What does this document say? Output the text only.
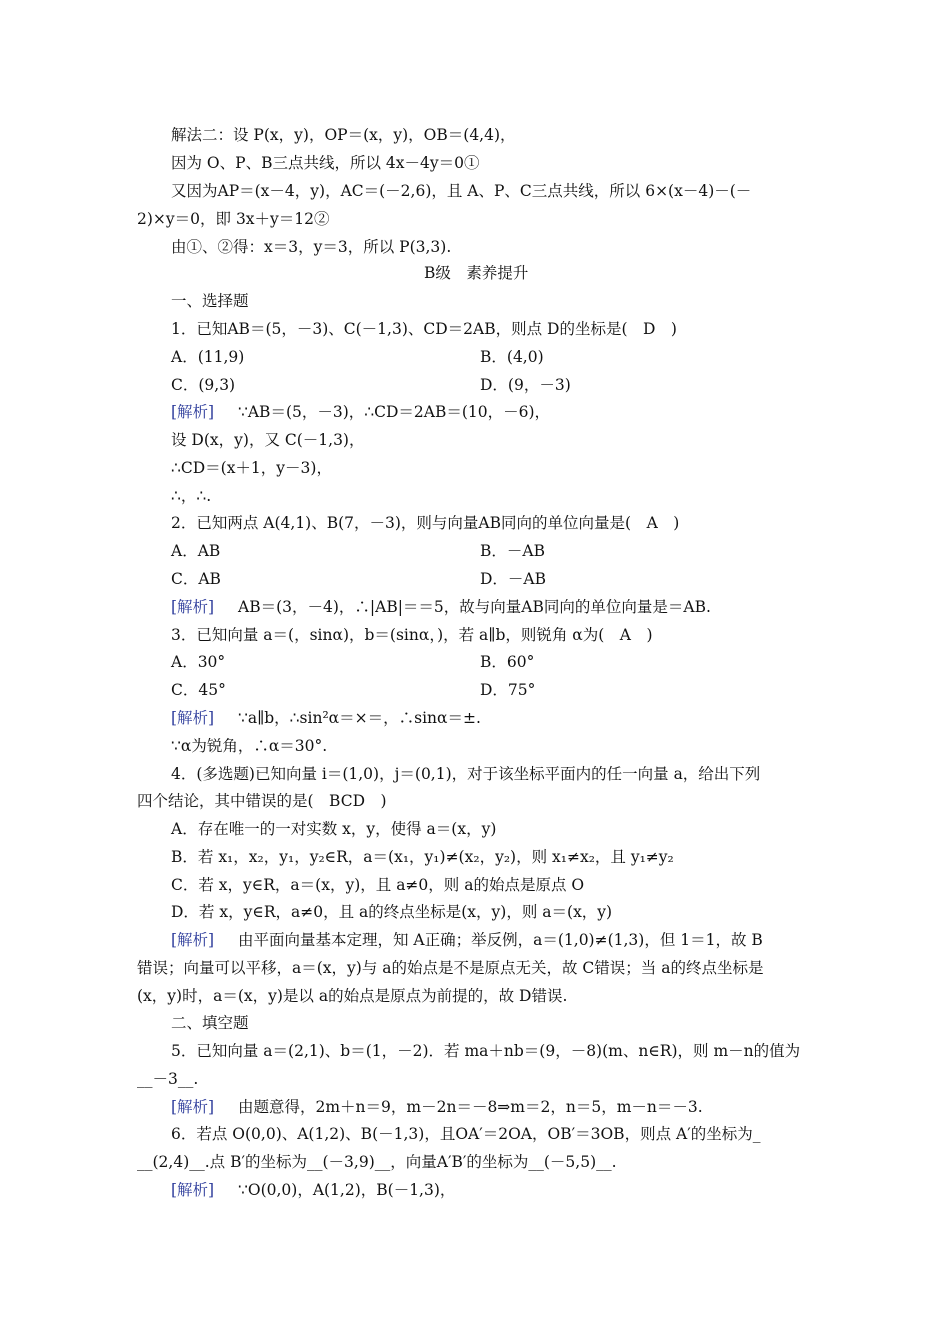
解法二：设 P(x，y)，OP＝(x，y)，OB＝(4,4)，
因为 O、P、B三点共线，所以 4x－4y＝0①
又因为AP＝(x－4，y)，AC＝(－2,6)，且 A、P、C三点共线，所以 6×(x－4)－(－
2)×y＝0，即 3x＋y＝12②
由①、②得：x＝3，y＝3，所以 P(3,3).
B级　素养提升
一、选择题
1．已知AB＝(5，－3)、C(－1,3)、CD＝2AB，则点 D的坐标是(　D　)
A．(11,9)	B．(4,0)
C．(9,3)	D．(9，－3)
[解析] ∵AB＝(5，－3)，∴CD＝2AB＝(10，－6)，
设 D(x，y)，又 C(－1,3)，
∴CD＝(x＋1，y－3)，
∴，∴.
2．已知两点 A(4,1)、B(7，－3)，则与向量AB同向的单位向量是(　A　)
A．AB	B．－AB
C．AB	D．－AB
[解析] AB＝(3，－4)，∴|AB|＝＝5，故与向量AB同向的单位向量是＝AB.
3．已知向量 a＝(，sinα)，b＝(sinα，)，若 a∥b，则锐角 α为(　A　)
A．30°	B．60°
C．45°	D．75°
[解析] ∵a∥b，∴sin²α＝×＝，∴sinα＝±.
∵α为锐角，∴α＝30°.
4．(多选题)已知向量 i＝(1,0)，j＝(0,1)，对于该坐标平面内的任一向量 a，给出下列
四个结论，其中错误的是(　BCD　)
A．存在唯一的一对实数 x，y，使得 a＝(x，y)
B．若 x₁，x₂，y₁，y₂∈R，a＝(x₁，y₁)≠(x₂，y₂)，则 x₁≠x₂，且 y₁≠y₂
C．若 x，y∈R，a＝(x，y)，且 a≠0，则 a的始点是原点 O
D．若 x，y∈R，a≠0，且 a的终点坐标是(x，y)，则 a＝(x，y)
[解析] 由平面向量基本定理，知 A正确；举反例，a＝(1,0)≠(1,3)，但 1＝1，故 B
错误；向量可以平移，a＝(x，y)与 a的始点是不是原点无关，故 C错误；当 a的终点坐标是
(x，y)时，a＝(x，y)是以 a的始点是原点为前提的，故 D错误.
二、填空题
5．已知向量 a＝(2,1)、b＝(1，－2)．若 ma＋nb＝(9，－8)(m、n∈R)，则 m－n的值为
__－3__.
[解析] 由题意得，2m＋n＝9，m－2n＝－8⇒m＝2，n＝5，m－n＝－3.
6．若点 O(0,0)、A(1,2)、B(－1,3)，且OA′＝2OA，OB′＝3OB，则点 A′的坐标为_
__(2,4)__.点 B′的坐标为__(－3,9)__，向量A′B′的坐标为__(－5,5)__.
[解析] ∵O(0,0)，A(1,2)，B(－1,3)，
